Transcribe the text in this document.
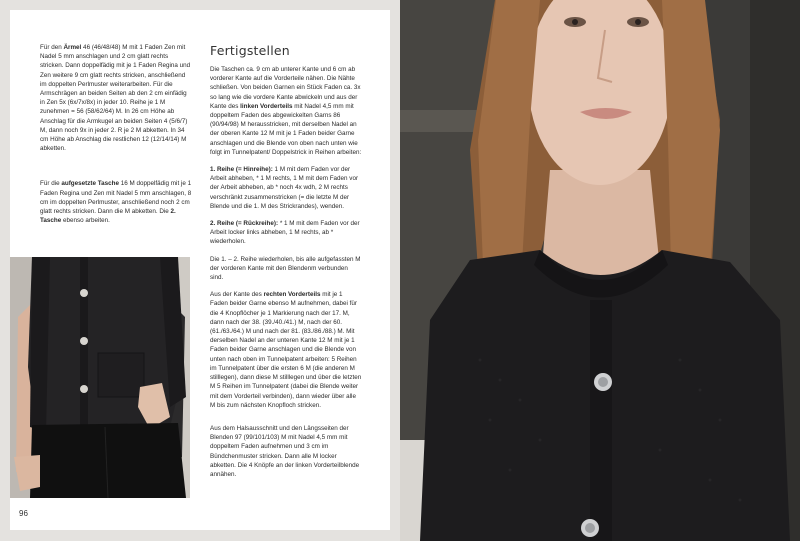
Für den Ärmel 46 (46/48/48) M mit 1 Faden Zen mit Nadel 5 mm anschlagen und 2 cm glatt rechts stricken. Dann doppelfädig mit je 1 Faden Regina und Zen weitere 9 cm glatt rechts stricken, anschließend im doppelten Perlmuster weiterarbeiten. Für die Armschrägen an beiden Seiten ab den 2 cm einfädig in Zen 5x (6x/7x/8x) in jeder 10. Reihe je 1 M zunehmen = 56 (58/62/64) M. In 26 cm Höhe ab Anschlag für die Armkugel an beiden Seiten 4 (5/6/7) M, dann noch 9x in jeder 2. R je 2 M abketten. In 34 cm Höhe ab Anschlag die restlichen 12 (12/14/14) M abketten.

Für die aufgesetzte Tasche 16 M doppelfädig mit je 1 Faden Regina und Zen mit Nadel 5 mm anschlagen, 8 cm im doppelten Perlmuster, anschließend noch 2 cm glatt rechts stricken. Dann die M abketten. Die 2. Tasche ebenso arbeiten.

Fertigstellen

Die Taschen ca. 9 cm ab unterer Kante und 6 cm ab vorderer Kante auf die Vorderteile nähen. Die Nähte schließen. Von beiden Garnen ein Stück Faden ca. 3x so lang wie die vordere Kante abwickeln und aus der Kante des linken Vorderteils mit Nadel 4,5 mm mit doppeltem Faden des abgewickelten Garns 86 (90/94/98) M herausstricken, mit derselben Nadel an der oberen Kante 12 M mit je 1 Faden beider Garne anschlagen und die Blende von oben nach unten wie folgt im Tunnelpatent/ Doppelstrick in Reihen arbeiten:

1. Reihe (= Hinreihe): 1 M mit dem Faden vor der Arbeit abheben, * 1 M rechts, 1 M mit dem Faden vor der Arbeit abheben, ab * noch 4x wdh, 2 M rechts verschränkt zusammenstricken (= die letzte M der Blende und die 1. M des Strickrandes), wenden.

2. Reihe (= Rückreihe): * 1 M mit dem Faden vor der Arbeit locker links abheben, 1 M rechts, ab * wiederholen.

Die 1. – 2. Reihe wiederholen, bis alle aufgefassten M der vorderen Kante mit den Blendenm verbunden sind.

Aus der Kante des rechten Vorderteils mit je 1 Faden beider Garne ebenso M aufnehmen, dabei für die 4 Knopflöcher je 1 Markierung nach der 17. M, dann nach der 38. (39./40./41.) M, nach der 60. (61./63./64.) M und nach der 81. (83./86./88.) M. Mit derselben Nadel an der unteren Kante 12 M mit je 1 Faden beider Garne anschlagen und die Blende von unten nach oben im Tunnelpatent arbeiten: 5 Reihen im Tunnelpatent über die ersten 6 M (die anderen M stilllegen), dann diese M stilllegen und über die letzten M 5 Reihen im Tunnelpatent (dabei die Blende weiter mit dem Vorderteil verbinden), dann wieder über alle M bis zum nächsten Knopfloch stricken.

Aus dem Halsausschnitt und den Längsseiten der Blenden 97 (99/101/103) M mit Nadel 4,5 mm mit doppeltem Faden aufnehmen und 3 cm im Bündchenmuster stricken. Dann alle M locker abketten. Die 4 Knöpfe an der linken Vorderteilblende annähen.

96
